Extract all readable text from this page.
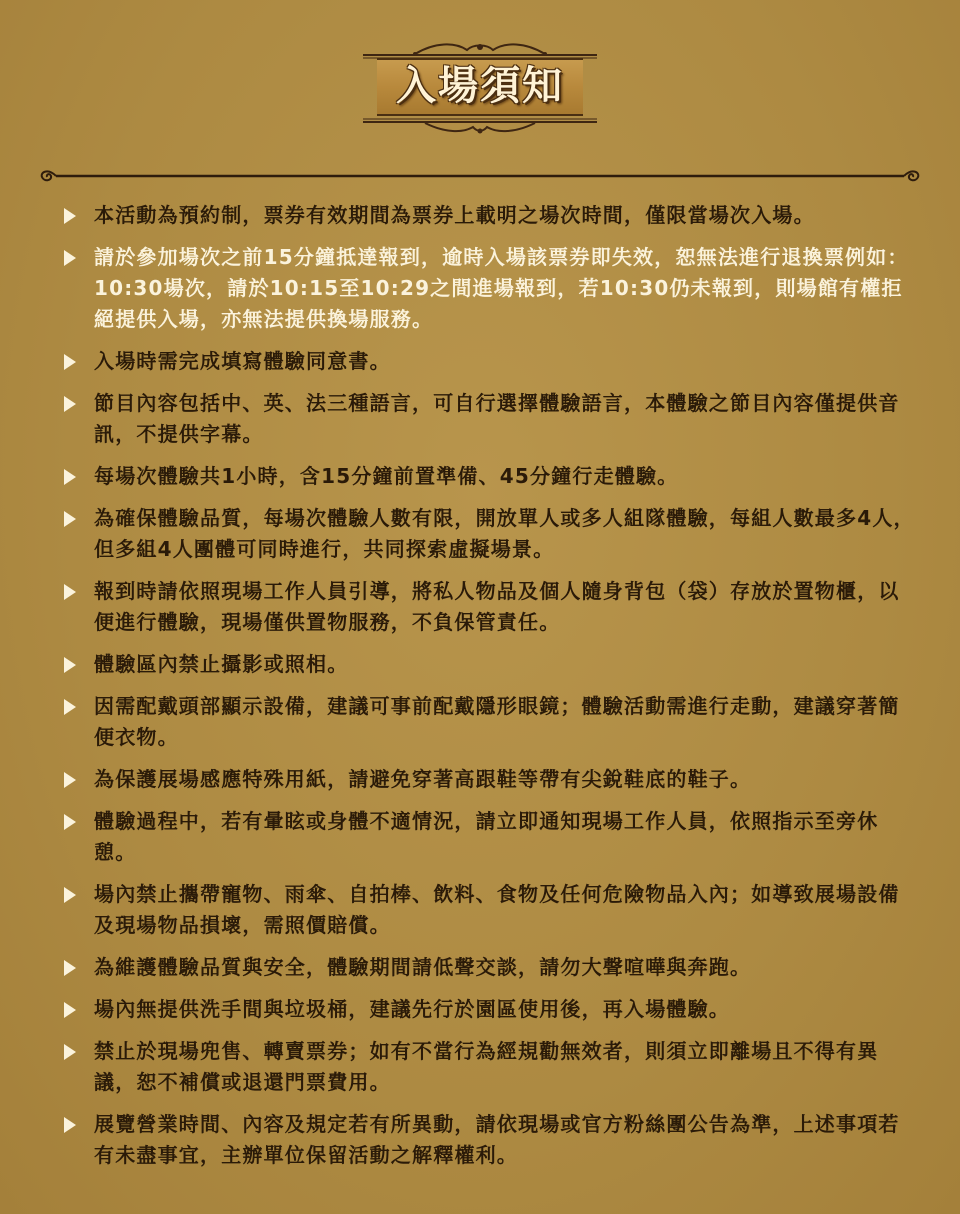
入場須知
本活動為預約制，票券有效期間為票券上載明之場次時間，僅限當場次入場。
請於參加場次之前15分鐘抵達報到，逾時入場該票券即失效，恕無法進行退換票例如：10:30場次，請於10:15至10:29之間進場報到，若10:30仍未報到，則場館有權拒絕提供入場，亦無法提供換場服務。
入場時需完成填寫體驗同意書。
節目內容包括中、英、法三種語言，可自行選擇體驗語言，本體驗之節目內容僅提供音訊，不提供字幕。
每場次體驗共1小時，含15分鐘前置準備、45分鐘行走體驗。
為確保體驗品質，每場次體驗人數有限，開放單人或多人組隊體驗，每組人數最多4人，但多組4人團體可同時進行，共同探索虛擬場景。
報到時請依照現場工作人員引導，將私人物品及個人隨身背包（袋）存放於置物櫃，以便進行體驗，現場僅供置物服務，不負保管責任。
體驗區內禁止攝影或照相。
因需配戴頭部顯示設備，建議可事前配戴隱形眼鏡；體驗活動需進行走動，建議穿著簡便衣物。
為保護展場感應特殊用紙，請避免穿著高跟鞋等帶有尖銳鞋底的鞋子。
體驗過程中，若有暈眩或身體不適情況，請立即通知現場工作人員，依照指示至旁休憩。
場內禁止攜帶寵物、雨傘、自拍棒、飲料、食物及任何危險物品入內；如導致展場設備及現場物品損壞，需照價賠償。
為維護體驗品質與安全，體驗期間請低聲交談，請勿大聲喧嘩與奔跑。
場內無提供洗手間與垃圾桶，建議先行於園區使用後，再入場體驗。
禁止於現場兜售、轉賣票券；如有不當行為經規勸無效者，則須立即離場且不得有異議，恕不補償或退還門票費用。
展覽營業時間、內容及規定若有所異動，請依現場或官方粉絲團公告為準，上述事項若有未盡事宜，主辦單位保留活動之解釋權利。
